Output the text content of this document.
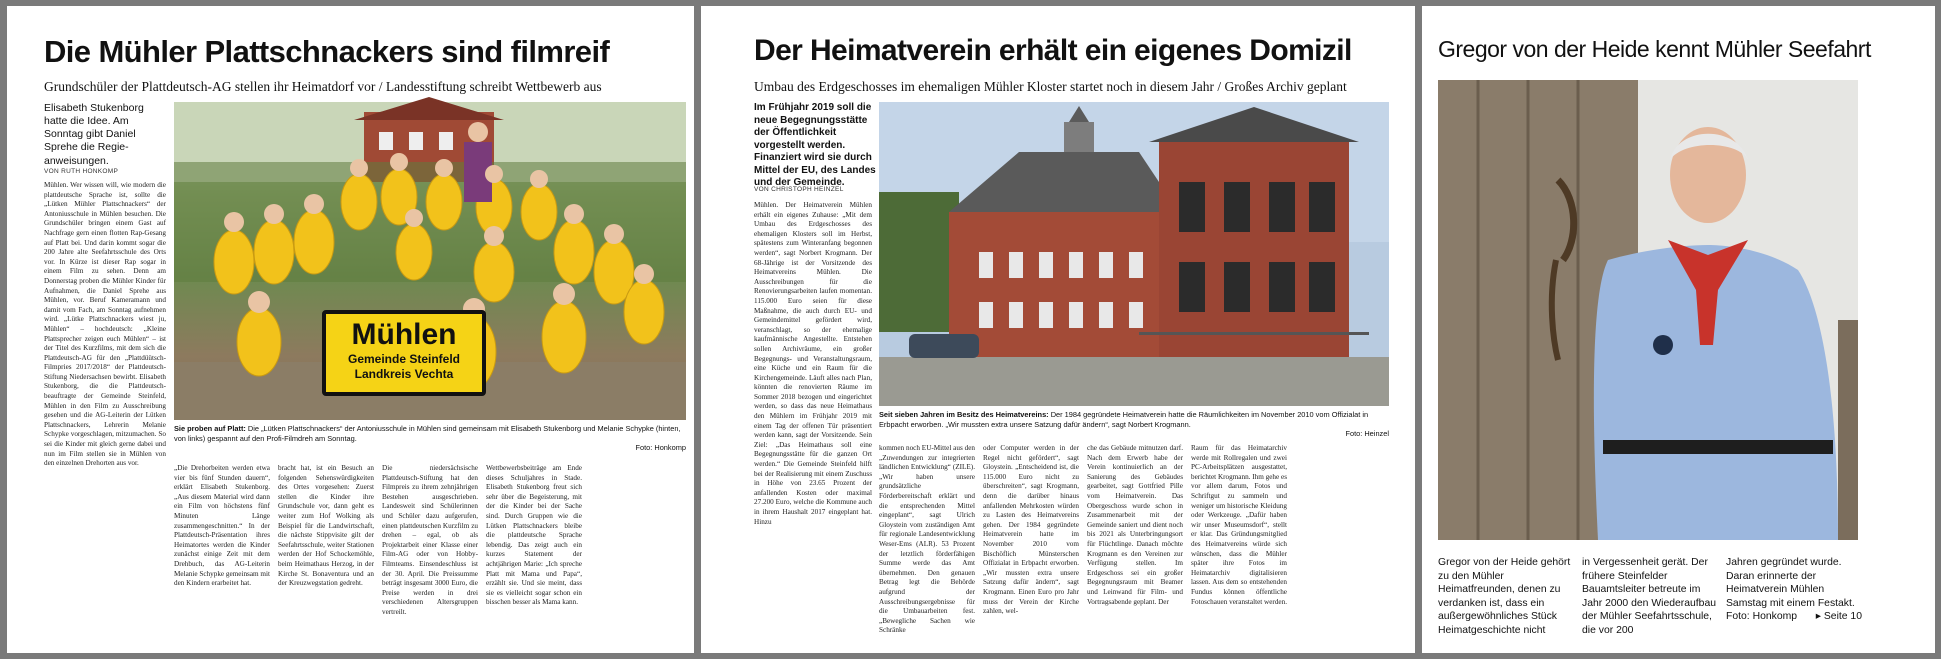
Die Mühler Plattschnackers sind filmreif
Grundschüler der Plattdeutsch-AG stellen ihr Heimatdorf vor / Landesstiftung schreibt Wettbewerb aus
Elisabeth Stukenborg hatte die Idee. Am Sonntag gibt Daniel Sprehe die Regie-anweisungen.
VON RUTH HONKOMP
Mühlen. Wer wissen will, wie modern die plattdeutsche Sprache ist, sollte die „Lütken Mühler Plattschnackers“ der Antoniusschule in Mühlen besuchen. Die Grundschüler bringen einem Gast auf Nachfrage gern einen flotten Rap-Gesang auf Platt bei. Und darin kommt sogar die 200 Jahre alte Seefahrtsschule des Orts vor. In Kürze ist dieser Rap sogar in einem Film zu sehen. Denn am Donnerstag proben die Mühler Kinder für Aufnahmen, die Daniel Sprehe aus Mühlen, vor. Beruf Kameramann und damit vom Fach, am Sonntag aufnehmen wird. „Lütke Plattschnackers wiest ju, Mühlen“ – hochdeutsch: „Kleine Plattsprecher zeigen euch Mühlen“ – ist der Titel des Kurzfilms, mit dem sich die Plattdeutsch-AG für den „Plattdüütsch-Filmpries 2017/2018“ der Plattdeutsch-Stiftung Niedersachsen bewirbt. Elisabeth Stukenborg, die die Plattdeutsch-beauftragte der Gemeinde Steinfeld, Mühlen in den Film zu Ausschreibung gesehen und die AG-Leiterin der Lütken Plattschnackers, Lehrerin Melanie Schypke vorgeschlagen, mitzumachen. So sei die Kinder mit gleich gerne dabei und nun im Film stellen sie in Mühlen von den einzelnen Drehorten aus vor.
Mühlen
Gemeinde Steinfeld
Landkreis Vechta
Sie proben auf Platt: Die „Lütken Plattschnackers“ der Antoniusschule in Mühlen sind gemeinsam mit Elisabeth Stukenborg und Melanie Schypke (hinten, von links) gespannt auf den Profi-Filmdreh am Sonntag.
Foto: Honkomp
„Die Drehorbeiten werden etwa vier bis fünf Stunden dauern“, erklärt Elisabeth Stukenborg. „Aus diesem Material wird dann ein Film von höchstens fünf Minuten Länge zusammengeschnitten.“ In der Plattdeutsch-Präsentation ihres Heimatortes werden die Kinder zunächst einige Zeit mit dem Drehbuch, das AG-Leiterin Melanie Schypke gemeinsam mit den Kindern erarbeitet hat.
bracht hat, ist ein Besuch an folgenden Sehenswürdigkeiten des Ortes vorgesehen: Zuerst stellen die Kinder ihre Grundschule vor, dann geht es weiter zum Hof Wolking als Beispiel für die Landwirtschaft, die nächste Stippvisite gilt der Seefahrtsschule, weiter Stationen werden der Hof Schockemöhle, beim Heimathaus Herzog, in der Kirche St. Bonaventura und an der Kreuzwegstation gedreht.
Die niedersächsische Plattdeutsch-Stiftung hat den Filmpreis zu ihrem zehnjährigen Bestehen ausgeschrieben. Landesweit sind Schülerinnen und Schüler dazu aufgerufen, einen plattdeutschen Kurzfilm zu drehen – egal, ob als Projektarbeit einer Klasse einer Film-AG oder von Hobby-Filmteams. Einsendeschluss ist der 30. April. Die Preissumme beträgt insgesamt 3000 Euro, die Preise werden in drei verschiedenen Altersgruppen vertreilt.
Wettbewerbsbeiträge am Ende dieses Schuljahres in Stade. Elisabeth Stukenborg freut sich sehr über die Begeisterung, mit der die Kinder bei der Sache sind. Durch Gruppen wie die Lütken Plattschnackers bleibe die plattdeutsche Sprache lebendig. Das zeigt auch ein kurzes Statement der achtjährigen Marie: „Ich spreche Platt mit Mama und Papa“, erzählt sie. Und sie meint, dass sie es vielleicht sogar schon ein bisschen besser als Mama kann.
Der Heimatverein erhält ein eigenes Domizil
Umbau des Erdgeschosses im ehemaligen Mühler Kloster startet noch in diesem Jahr / Großes Archiv geplant
Im Frühjahr 2019 soll die neue Begegnungsstätte der Öffentlichkeit vorgestellt werden. Finanziert wird sie durch Mittel der EU, des Landes und der Gemeinde.
VON CHRISTOPH HEINZEL
Mühlen. Der Heimatverein Mühlen erhält ein eigenes Zuhause: „Mit dem Umbau des Erdgeschosses des ehemaligen Klosters soll im Herbst, spätestens zum Winteranfang begonnen werden“, sagt Norbert Krogmann. Der 68-Jährige ist der Vorsitzende des Heimatvereins Mühlen. Die Ausschreibungen für die Renovierungsarbeiten laufen momentan. 115.000 Euro seien für diese Maßnahme, die auch durch EU- und Gemeindemittel gefördert wird, veranschlagt, so der ehemalige kaufmännische Angestellte. Entstehen sollen Archivräume, ein großer Begegnungs- und Veranstaltungsraum, eine Küche und ein Raum für die Kirchengemeinde. Läuft alles nach Plan, könnten die renovierten Räume im Sommer 2018 bezogen und eingerichtet werden, so dass das neue Heimathaus den Mühlern im Frühjahr 2019 mit einem Tag der offenen Tür präsentiert werden kann, sagt der Vorsitzende. Sein Ziel: „Das Heimathaus soll eine Begegnungsstätte für die ganzen Ort werden.“ Die Gemeinde Steinfeld hilft bei der Realisierung mit einem Zuschuss in Höhe von 23.65 Prozent der anfallenden Kosten oder maximal 27.200 Euro, welche die Kommune auch in ihrem Haushalt 2017 eingeplant hat. Hinzu
Seit sieben Jahren im Besitz des Heimatvereins: Der 1984 gegründete Heimatverein hatte die Räumlichkeiten im November 2010 vom Offizialat in Erbpacht erworben. „Wir mussten extra unsere Satzung dafür ändern“, sagt Norbert Krogmann.
Foto: Heinzel
kommen noch EU-Mittel aus den „Zuwendungen zur integrierten ländlichen Entwicklung“ (ZILE). „Wir haben unsere grundsätzliche Förderbereitschaft erklärt und die entsprechenden Mittel eingeplant“, sagt Ulrich Gloystein vom zuständigen Amt für regionale Landesentwicklung Weser-Ems (ALR). 53 Prozent der letztlich förderfähigen Summe werde das Amt übernehmen. Den genauen Betrag legt die Behörde aufgrund der Ausschreibungsergebnisse für die Umbauarbeiten fest. „Bewegliche Sachen wie Schränke
oder Computer werden in der Regel nicht gefördert“, sagt Gloystein. „Entscheidend ist, die 115.000 Euro nicht zu überschreiten“, sagt Krogmann, denn die darüber hinaus anfallenden Mehrkosten würden zu Lasten des Heimatvereins gehen. Der 1984 gegründete Heimatverein hatte im November 2010 vom Bischöflich Münsterschen Offizialat in Erbpacht erworben. „Wir mussten extra unsere Satzung dafür ändern“, sagt Krogmann. Einen Euro pro Jahr muss der Verein der Kirche zahlen, wel-
che das Gebäude mitnutzen darf. Nach dem Erwerb habe der Verein kontinuierlich an der Sanierung des Gebäudes gearbeitet, sagt Gottfried Pille vom Heimatverein. Das Obergeschoss wurde schon in Zusammenarbeit mit der Gemeinde saniert und dient noch bis 2021 als Unterbringungsort für Flüchtlinge. Danach möchte Krogmann es den Vereinen zur Verfügung stellen. Im Erdgeschoss sei ein großer Begegnungsraum mit Beamer und Leinwand für Film- und Vortragsabende geplant. Der
Raum für das Heimatarchiv werde mit Rollregalen und zwei PC-Arbeitsplätzen ausgestattet, berichtet Krogmann. Ihm gehe es vor allem darum, Fotos und Schriftgut zu sammeln und weniger um historische Kleidung oder Werkzeuge. „Dafür haben wir unser Museumsdorf“, stellt er klar. Das Gründungsmitglied des Heimatvereins würde sich wünschen, dass die Mühler später ihre Fotos im Heimatarchiv digitalisieren lassen. Aus dem so entstehenden Fundus können öffentliche Fotoschauen veranstaltet werden.
Gregor von der Heide kennt Mühler Seefahrt
Gregor von der Heide gehört zu den Mühler Heimatfreunden, denen zu verdanken ist, dass ein außergewöhnliches Stück Heimatgeschichte nicht
in Vergessenheit gerät. Der frühere Steinfelder Bauamtsleiter betreute im Jahr 2000 den Wiederaufbau der Mühler Seefahrtsschule, die vor 200
Jahren gegründet wurde. Daran erinnerte der Heimatverein Mühlen Samstag mit einem Festakt. Foto: Honkomp	▸ Seite 10
